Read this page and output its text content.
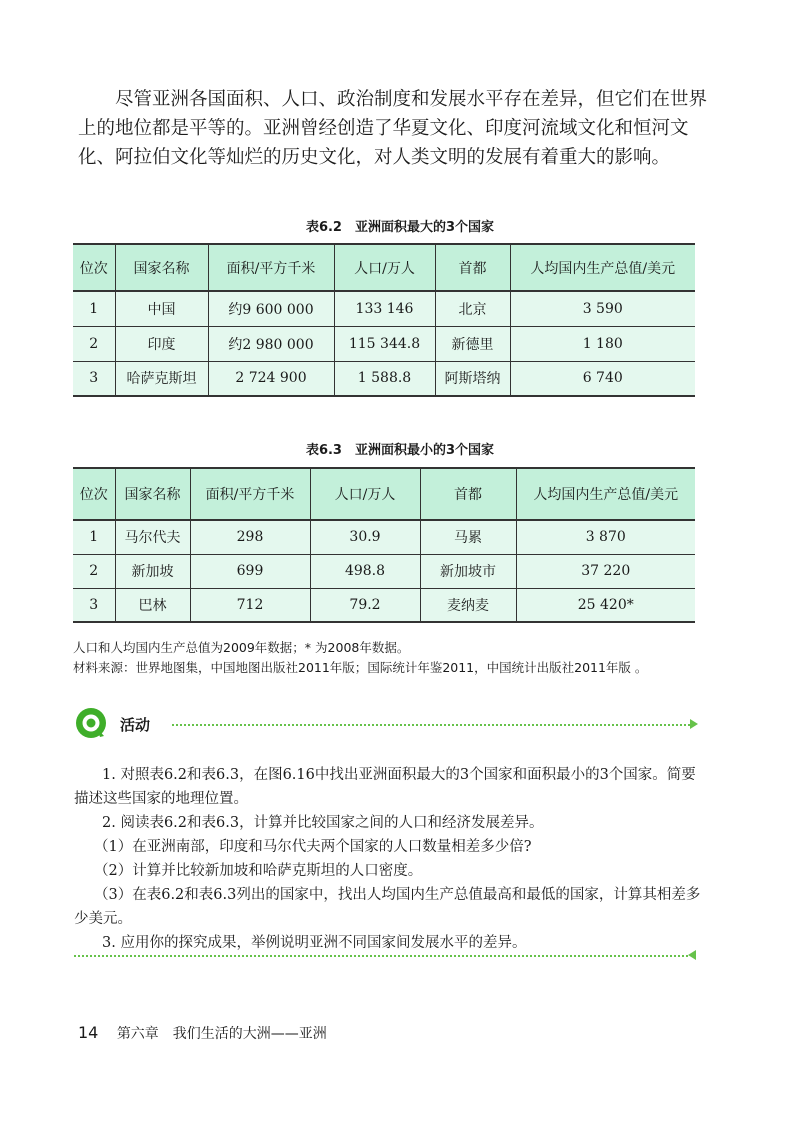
尽管亚洲各国面积、人口、政治制度和发展水平存在差异，但它们在世界上的地位都是平等的。亚洲曾经创造了华夏文化、印度河流域文化和恒河文化、阿拉伯文化等灿烂的历史文化，对人类文明的发展有着重大的影响。

表6.2　亚洲面积最大的3个国家
位次	国家名称	面积/平方千米	人口/万人	首都	人均国内生产总值/美元
1	中国	约9 600 000	133 146	北京	3 590
2	印度	约2 980 000	115 344.8	新德里	1 180
3	哈萨克斯坦	2 724 900	1 588.8	阿斯塔纳	6 740
表6.3　亚洲面积最小的3个国家
位次	国家名称	面积/平方千米	人口/万人	首都	人均国内生产总值/美元
1	马尔代夫	298	30.9	马累	3 870
2	新加坡	699	498.8	新加坡市	37 220
3	巴林	712	79.2	麦纳麦	25 420*
人口和人均国内生产总值为2009年数据；* 为2008年数据。
材料来源：世界地图集，中国地图出版社2011年版；国际统计年鉴2011，中国统计出版社2011年版 。
活动

1. 对照表6.2和表6.3，在图6.16中找出亚洲面积最大的3个国家和面积最小的3个国家。简要描述这些国家的地理位置。

2. 阅读表6.2和表6.3，计算并比较国家之间的人口和经济发展差异。

（1）在亚洲南部，印度和马尔代夫两个国家的人口数量相差多少倍?

（2）计算并比较新加坡和哈萨克斯坦的人口密度。

（3）在表6.2和表6.3列出的国家中，找出人均国内生产总值最高和最低的国家，计算其相差多少美元。

3. 应用你的探究成果，举例说明亚洲不同国家间发展水平的差异。

14 第六章　我们生活的大洲——亚洲
